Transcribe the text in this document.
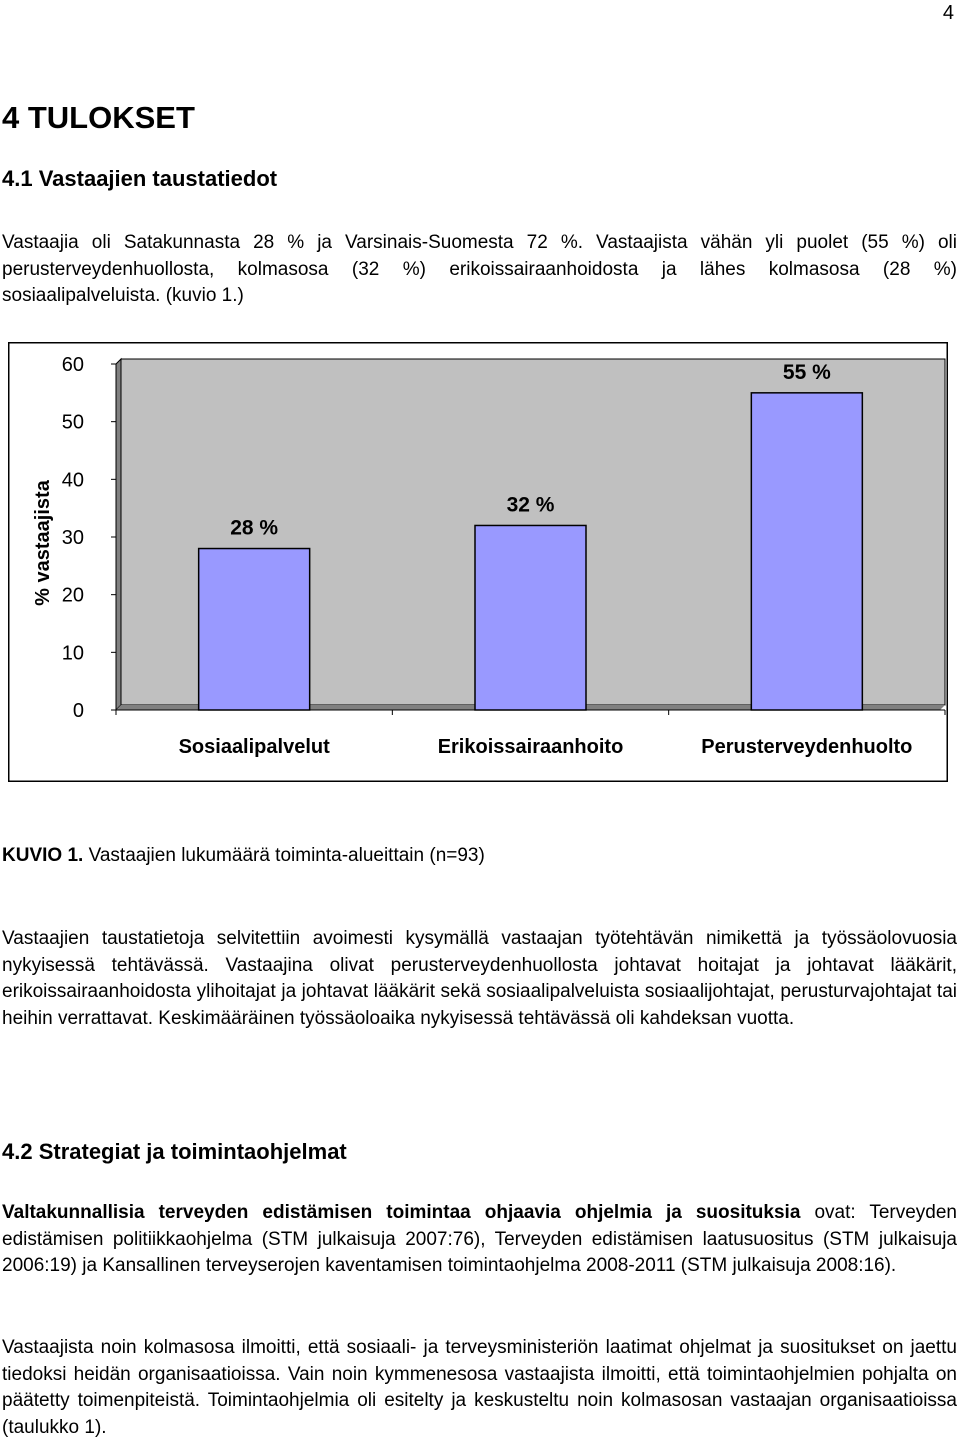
4
4 TULOKSET
4.1 Vastaajien taustatiedot

Vastaajia oli Satakunnasta 28 % ja Varsinais-Suomesta 72 %. Vastaajista vähän yli puolet (55 %) oli perusterveydenhuollosta, kolmasosa (32 %) erikoissairaanhoidosta ja lähes kolmasosa (28 %) sosiaalipalveluista. (kuvio 1.)

0
10
20
30
40
50
60
% vastaajista	28 %
Sosiaalipalvelut
32 %
Erikoissairaanhoito
55 %
Perusterveydenhuolto
KUVIO 1. Vastaajien lukumäärä toiminta-alueittain (n=93)

Vastaajien taustatietoja selvitettiin avoimesti kysymällä vastaajan työtehtävän nimikettä ja työssäolovuosia nykyisessä tehtävässä. Vastaajina olivat perusterveydenhuollosta johtavat hoitajat ja johtavat lääkärit, erikoissairaanhoidosta ylihoitajat ja johtavat lääkärit sekä sosiaalipalveluista sosiaalijohtajat, perusturvajohtajat tai heihin verrattavat. Keskimääräinen työssäoloaika nykyisessä tehtävässä oli kahdeksan vuotta.

4.2 Strategiat ja toimintaohjelmat

Valtakunnallisia terveyden edistämisen toimintaa ohjaavia ohjelmia ja suosituksia ovat: Terveyden edistämisen politiikkaohjelma (STM julkaisuja 2007:76), Terveyden edistämisen laatusuositus (STM julkaisuja 2006:19) ja Kansallinen terveyserojen kaventamisen toimintaohjelma 2008-2011 (STM julkaisuja 2008:16).

Vastaajista noin kolmasosa ilmoitti, että sosiaali- ja terveysministeriön laatimat ohjelmat ja suositukset on jaettu tiedoksi heidän organisaatioissa. Vain noin kymmenesosa vastaajista ilmoitti, että toimintaohjelmien pohjalta on päätetty toimenpiteistä. Toimintaohjelmia oli esitelty ja keskusteltu noin kolmasosan vastaajan organisaatioissa (taulukko 1).
